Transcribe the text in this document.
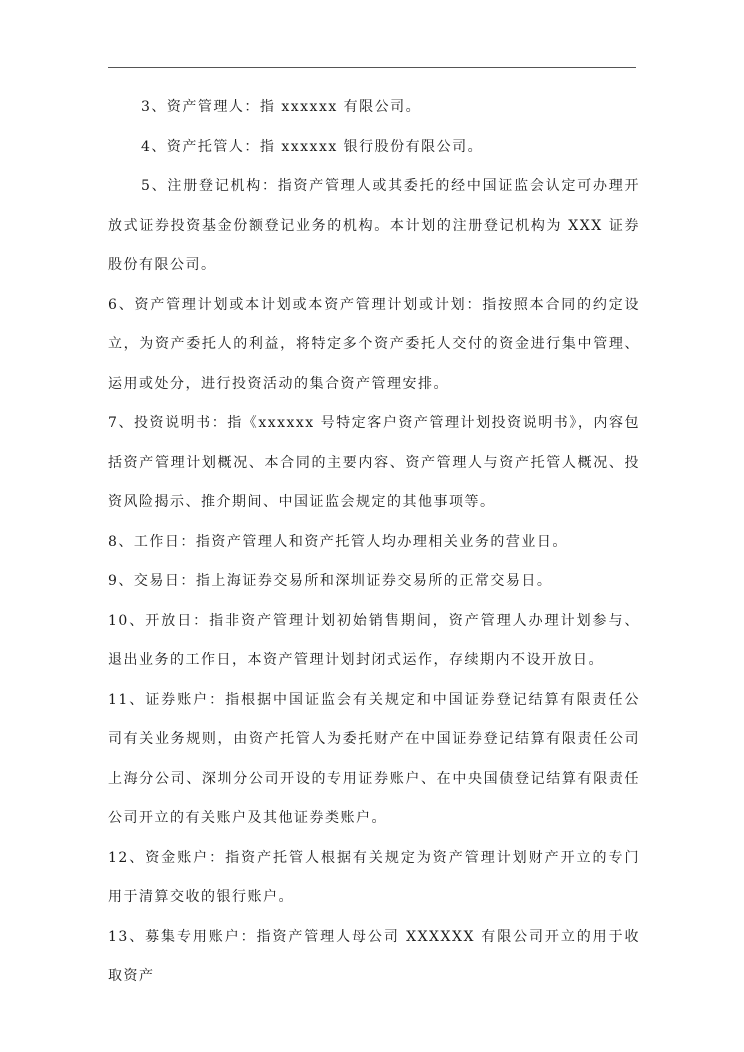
3、资产管理人：指 xxxxxx 有限公司。

4、资产托管人：指 xxxxxx 银行股份有限公司。

5、注册登记机构：指资产管理人或其委托的经中国证监会认定可办理开放式证券投资基金份额登记业务的机构。本计划的注册登记机构为 XXX 证券股份有限公司。

6、资产管理计划或本计划或本资产管理计划或计划：指按照本合同的约定设立，为资产委托人的利益，将特定多个资产委托人交付的资金进行集中管理、运用或处分，进行投资活动的集合资产管理安排。

7、投资说明书：指《xxxxxx 号特定客户资产管理计划投资说明书》，内容包括资产管理计划概况、本合同的主要内容、资产管理人与资产托管人概况、投资风险揭示、推介期间、中国证监会规定的其他事项等。

8、工作日：指资产管理人和资产托管人均办理相关业务的营业日。

9、交易日：指上海证券交易所和深圳证券交易所的正常交易日。

10、开放日：指非资产管理计划初始销售期间，资产管理人办理计划参与、退出业务的工作日，本资产管理计划封闭式运作，存续期内不设开放日。

11、证券账户：指根据中国证监会有关规定和中国证券登记结算有限责任公司有关业务规则，由资产托管人为委托财产在中国证券登记结算有限责任公司上海分公司、深圳分公司开设的专用证券账户、在中央国债登记结算有限责任公司开立的有关账户及其他证券类账户。

12、资金账户：指资产托管人根据有关规定为资产管理计划财产开立的专门用于清算交收的银行账户。

13、募集专用账户：指资产管理人母公司 XXXXXX 有限公司开立的用于收取资产
